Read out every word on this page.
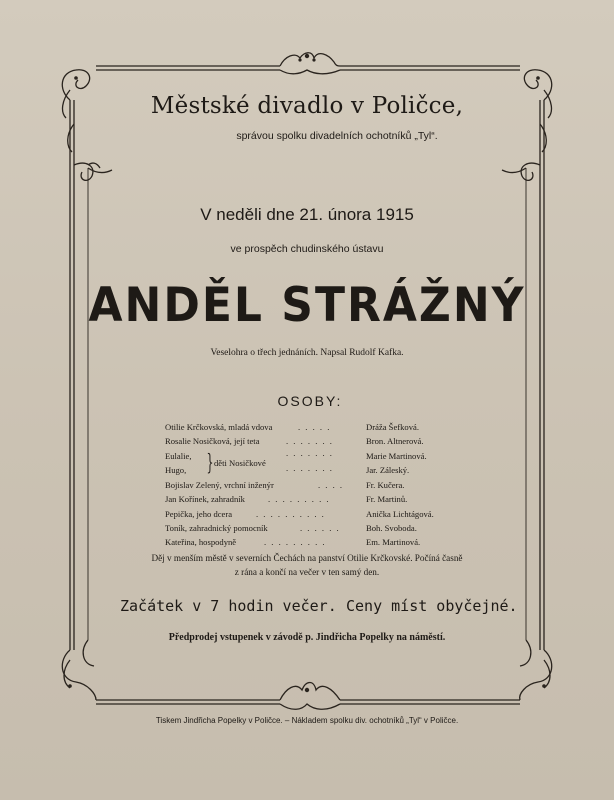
Městské divadlo v Poličce,
správou spolku divadelních ochotníků „Tyl“.
V neděli dne 21. února 1915
ve prospěch chudinského ústavu
ANDĚL STRÁŽNÝ
Veselohra o třech jednáních. Napsal Rudolf Kafka.
OSOBY:
Otilie Krčkovská, mladá vdova	. . . . .	Dráža Šefková.
Rosalie Nosičková, její teta	. . . . . . .	Bron. Altnerová.
Eulalie,	. . . . . . .	Marie Martinová.
} děti Nosičkové
Hugo,	. . . . . . .	Jar. Záleský.
Bojislav Zelený, vrchní inženýr	. . . .	Fr. Kučera.
Jan Kořínek, zahradník	. . . . . . . . .	Fr. Martinů.
Pepička, jeho dcera	. . . . . . . . . .	Anička Lichtágová.
Toník, zahradnický pomocník	. . . . . .	Boh. Svoboda.
Kateřina, hospodyně	. . . . . . . . .	Em. Martinová.
Děj v menším městě v severních Čechách na panství Otilie Krčkovské. Počíná časně
z rána a končí na večer v ten samý den.
Začátek v 7 hodin večer. Ceny míst obyčejné.
Předprodej vstupenek v závodě p. Jindřicha Popelky na náměstí.
Tiskem Jindřicha Popelky v Poličce. – Nákladem spolku div. ochotníků „Tyl“ v Poličce.
